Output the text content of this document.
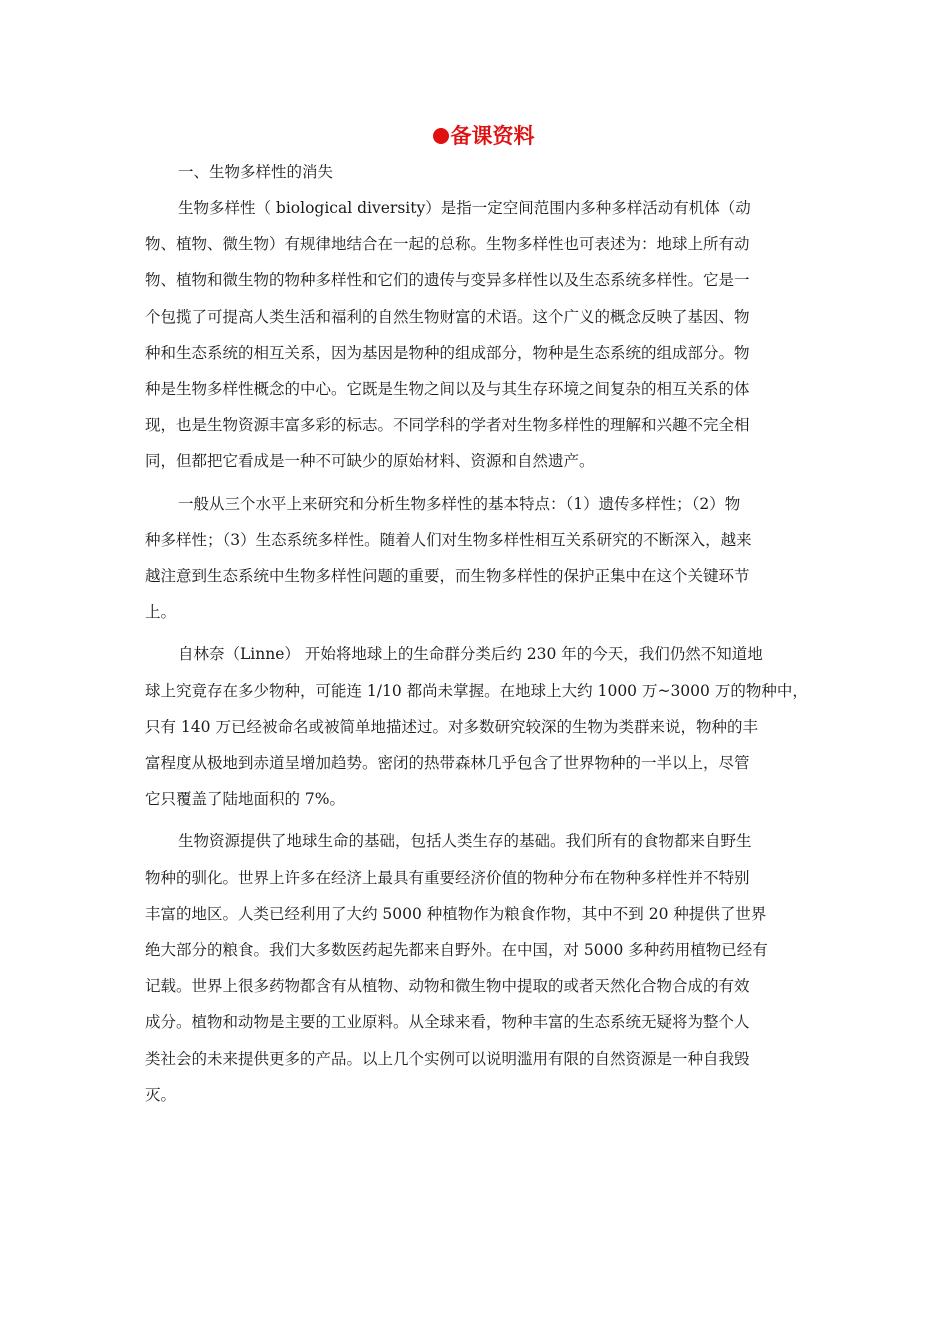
备课资料

一、生物多样性的消失

生物多样性（ biological diversity）是指一定空间范围内多种多样活动有机体（动
物、植物、微生物）有规律地结合在一起的总称。生物多样性也可表述为：地球上所有动
物、植物和微生物的物种多样性和它们的遗传与变异多样性以及生态系统多样性。它是一
个包揽了可提高人类生活和福利的自然生物财富的术语。这个广义的概念反映了基因、物
种和生态系统的相互关系，因为基因是物种的组成部分，物种是生态系统的组成部分。物
种是生物多样性概念的中心。它既是生物之间以及与其生存环境之间复杂的相互关系的体
现，也是生物资源丰富多彩的标志。不同学科的学者对生物多样性的理解和兴趣不完全相
同，但都把它看成是一种不可缺少的原始材料、资源和自然遗产。

一般从三个水平上来研究和分析生物多样性的基本特点：（1）遗传多样性；（2）物
种多样性；（3）生态系统多样性。随着人们对生物多样性相互关系研究的不断深入，越来
越注意到生态系统中生物多样性问题的重要，而生物多样性的保护正集中在这个关键环节
上。

自林奈（Linne） 开始将地球上的生命群分类后约 230 年的今天，我们仍然不知道地
球上究竟存在多少物种，可能连 1/10 都尚未掌握。在地球上大约 1000 万~3000 万的物种中，
只有 140 万已经被命名或被简单地描述过。对多数研究较深的生物为类群来说，物种的丰
富程度从极地到赤道呈增加趋势。密闭的热带森林几乎包含了世界物种的一半以上，尽管
它只覆盖了陆地面积的 7%。

生物资源提供了地球生命的基础，包括人类生存的基础。我们所有的食物都来自野生
物种的驯化。世界上许多在经济上最具有重要经济价值的物种分布在物种多样性并不特别
丰富的地区。人类已经利用了大约 5000 种植物作为粮食作物，其中不到 20 种提供了世界
绝大部分的粮食。我们大多数医药起先都来自野外。在中国，对 5000 多种药用植物已经有
记载。世界上很多药物都含有从植物、动物和微生物中提取的或者天然化合物合成的有效
成分。植物和动物是主要的工业原料。从全球来看，物种丰富的生态系统无疑将为整个人
类社会的未来提供更多的产品。以上几个实例可以说明滥用有限的自然资源是一种自我毁
灭。
